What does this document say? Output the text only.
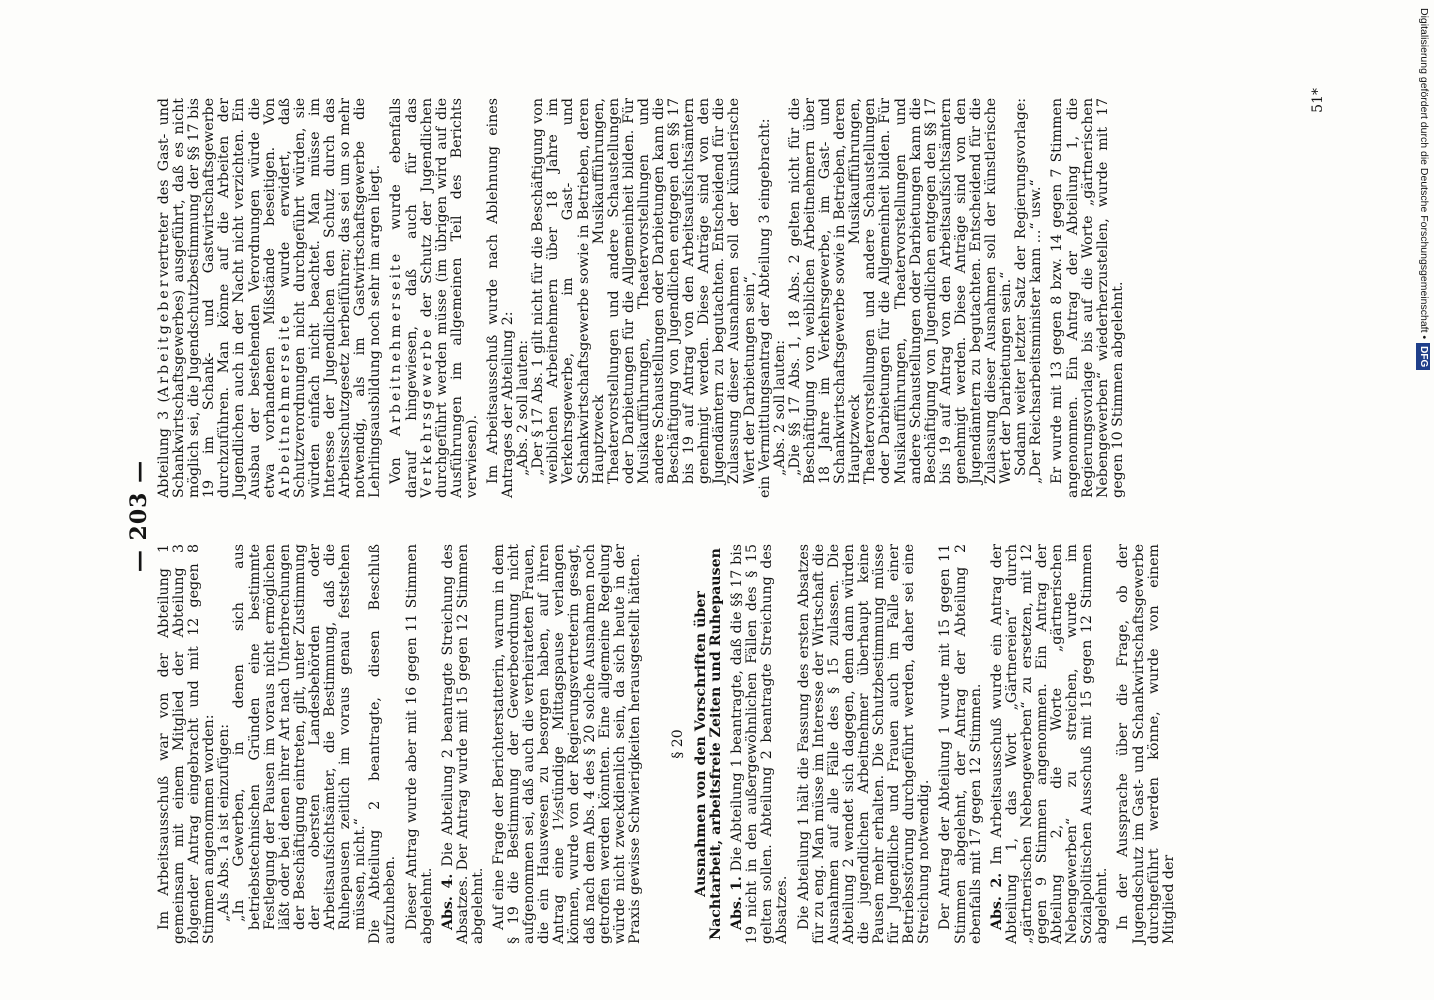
— 203 —

Im Arbeitsausschuß war von der Abteilung 1 gemeinsam mit einem Mitglied der Abteilung 3 folgender Antrag eingebracht und mit 12 gegen 8 Stimmen angenommen worden: „Als Abs. 1a ist einzufügen: „In Gewerben, in denen sich aus betriebstechnischen Gründen eine bestimmte Festlegung der Pausen im voraus nicht ermöglichen läßt oder bei denen ihrer Art nach Unterbrechungen der Beschäftigung eintreten, gilt, unter Zustimmung der obersten Landesbehörden oder Arbeitsaufsichtsämter, die Bestimmung, daß die Ruhepausen zeitlich im voraus genau feststehen müssen, nicht.“ Die Abteilung 2 beantragte, diesen Beschluß aufzuheben. Dieser Antrag wurde aber mit 16 gegen 11 Stimmen abgelehnt. Abs. 4. Die Abteilung 2 beantragte Streichung des Absatzes. Der Antrag wurde mit 15 gegen 12 Stimmen abgelehnt. Auf eine Frage der Berichterstatterin, warum in dem § 19 die Bestimmung der Gewerbeordnung nicht aufgenommen sei, daß auch die verheirateten Frauen, die ein Hauswesen zu besorgen haben, auf ihren Antrag eine 1½stündige Mittagspause verlangen können, wurde von der Regierungsvertreterin gesagt, daß nach dem Abs. 4 des § 20 solche Ausnahmen noch getroffen werden könnten. Eine allgemeine Regelung würde nicht zweckdienlich sein, da sich heute in der Praxis gewisse Schwierigkeiten herausgestellt hätten. § 20 Ausnahmen von den Vorschriften über Nachtarbeit, arbeitsfreie Zeiten und Ruhepausen Abs. 1. Die Abteilung 1 beantragte, daß die §§ 17 bis 19 nicht in den außergewöhnlichen Fällen des § 15 gelten sollen. Abteilung 2 beantragte Streichung des Absatzes. Die Abteilung 1 hält die Fassung des ersten Absatzes für zu eng. Man müsse im Interesse der Wirtschaft die Ausnahmen auf alle Fälle des § 15 zulassen. Die Abteilung 2 wendet sich dagegen, denn dann würden die jugendlichen Arbeitnehmer überhaupt keine Pausen mehr erhalten. Die Schutzbestimmung müsse für Jugendliche und Frauen auch im Falle einer Betriebsstörung durchgeführt werden, daher sei eine Streichung notwendig. Der Antrag der Abteilung 1 wurde mit 15 gegen 11 Stimmen abgelehnt, der Antrag der Abteilung 2 ebenfalls mit 17 gegen 12 Stimmen. Abs. 2. Im Arbeitsausschuß wurde ein Antrag der Abteilung 1, das Wort „Gärtnereien“ durch „gärtnerischen Nebengewerben“ zu ersetzen, mit 12 gegen 9 Stimmen angenommen. Ein Antrag der Abteilung 2, die Worte „gärtnerischen Nebengewerben“ zu streichen, wurde im Sozialpolitischen Ausschuß mit 15 gegen 12 Stimmen abgelehnt. In der Aussprache über die Frage, ob der Jugendschutz im Gast- und Schankwirtschaftsgewerbe durchgeführt werden könne, wurde von einem Mitglied der

Abteilung 3 (Arbeitgebervertreter des Gast- und Schankwirtschaftsgewerbes) ausgeführt, daß es nicht möglich sei, die Jugendschutzbestimmung der §§ 17 bis 19 im Schank- und Gastwirtschaftsgewerbe durchzuführen. Man könne auf die Arbeiten der Jugendlichen auch in der Nacht nicht verzichten. Ein Ausbau der bestehenden Verordnungen würde die etwa vorhandenen Mißstände beseitigen. Von Arbeitnehmerseite wurde erwidert, daß Schutzverordnungen nicht durchgeführt würden, sie würden einfach nicht beachtet. Man müsse im Interesse der Jugendlichen den Schutz durch das Arbeitsschutzgesetz herbeiführen; das sei um so mehr notwendig, als im Gastwirtschaftsgewerbe die Lehrlingsausbildung noch sehr im argen liegt. Von Arbeitnehmerseite wurde ebenfalls darauf hingewiesen, daß auch für das Verkehrsgewerbe der Schutz der Jugendlichen durchgeführt werden müsse (im übrigen wird auf die Ausführungen im allgemeinen Teil des Berichts verwiesen). Im Arbeitsausschuß wurde nach Ablehnung eines Antrages der Abteilung 2: „Abs. 2 soll lauten: „Der § 17 Abs. 1 gilt nicht für die Beschäftigung von weiblichen Arbeitnehmern über 18 Jahre im Verkehrsgewerbe, im Gast- und Schankwirtschaftsgewerbe sowie in Betrieben, deren Hauptzweck Musikaufführungen, Theatervorstellungen und andere Schaustellungen oder Darbietungen für die Allgemeinheit bilden. Für Musikaufführungen, Theatervorstellungen und andere Schaustellungen oder Darbietungen kann die Beschäftigung von Jugendlichen entgegen den §§ 17 bis 19 auf Antrag von den Arbeitsaufsichtsämtern genehmigt werden. Diese Anträge sind von den Jugendämtern zu begutachten. Entscheidend für die Zulassung dieser Ausnahmen soll der künstlerische Wert der Darbietungen sein“, ein Vermittlungsantrag der Abteilung 3 eingebracht: „Abs. 2 soll lauten: „Die §§ 17 Abs. 1, 18 Abs. 2 gelten nicht für die Beschäftigung von weiblichen Arbeitnehmern über 18 Jahre im Verkehrsgewerbe, im Gast- und Schankwirtschaftsgewerbe sowie in Betrieben, deren Hauptzweck Musikaufführungen, Theatervorstellungen und andere Schaustellungen oder Darbietungen für die Allgemeinheit bilden. Für Musikaufführungen, Theatervorstellungen und andere Schaustellungen oder Darbietungen kann die Beschäftigung von Jugendlichen entgegen den §§ 17 bis 19 auf Antrag von den Arbeitsaufsichtsämtern genehmigt werden. Diese Anträge sind von den Jugendämtern zu begutachten. Entscheidend für die Zulassung dieser Ausnahmen soll der künstlerische Wert der Darbietungen sein.“ Sodann weiter letzter Satz der Regierungsvorlage: „Der Reichsarbeitsminister kann ...“ usw.“ Er wurde mit 13 gegen 8 bzw. 14 gegen 7 Stimmen angenommen. Ein Antrag der Abteilung 1, die Regierungsvorlage bis auf die Worte „gärtnerischen Nebengewerben“ wiederherzustellen, wurde mit 17 gegen 10 Stimmen abgelehnt.

51*	Digitalisierung gefördert durch die Deutsche Forschungsgemeinschaft •DFG
